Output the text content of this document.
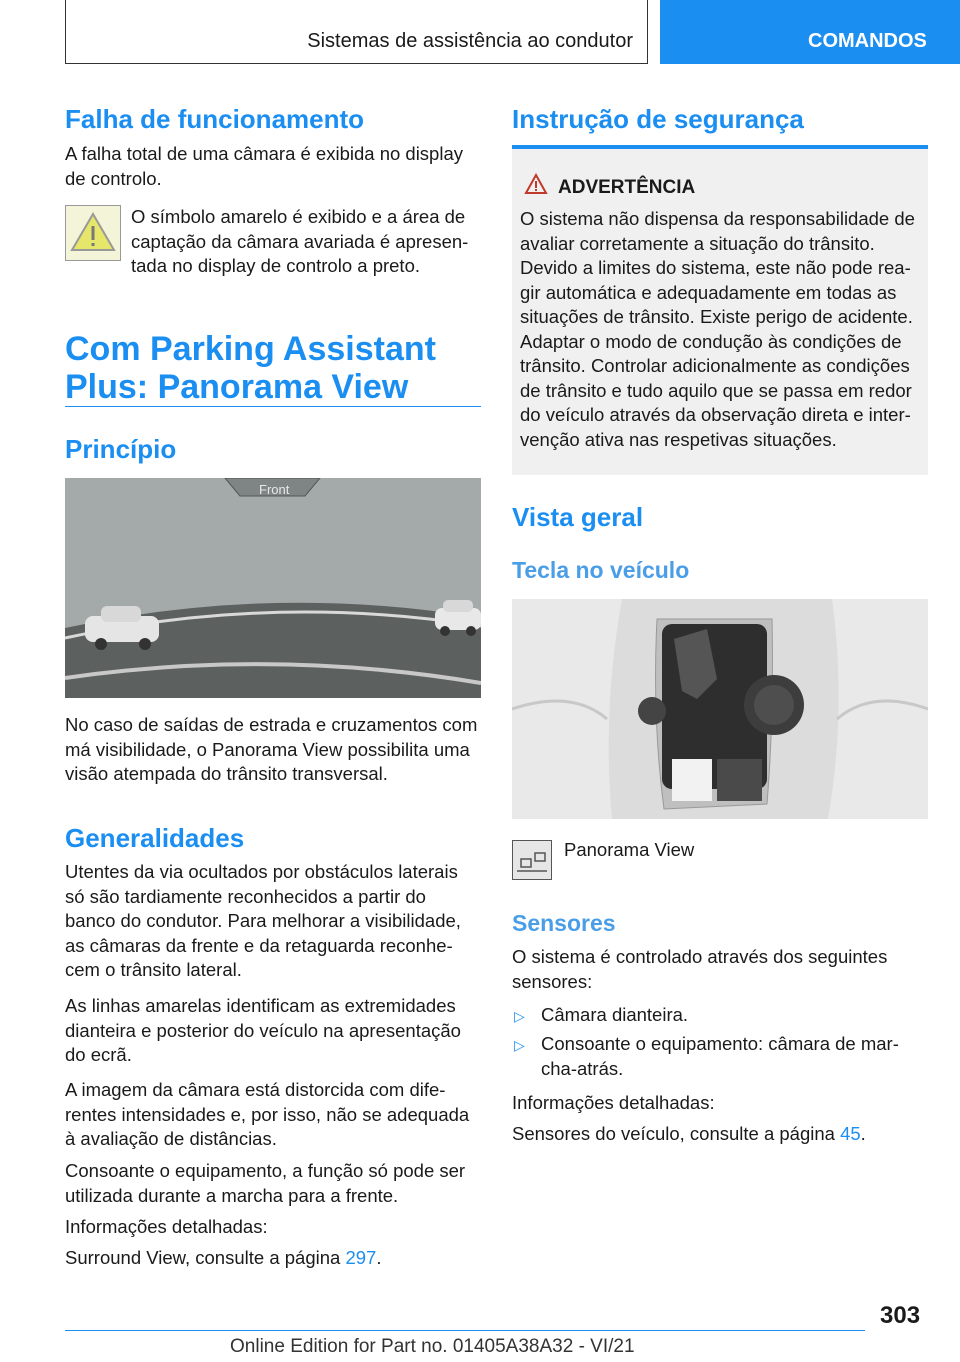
Sistemas de assistência ao condutor	COMANDOS
Falha de funcionamento

A falha total de uma câmara é exibida no display de controlo.

O símbolo amarelo é exibido e a área de captação da câmara avariada é apresen‐tada no display de controlo a preto.

Com Parking Assistant
Plus: Panorama View
Princípio
Front

No caso de saídas de estrada e cruzamentos com má visibilidade, o Panorama View possibilita uma visão atempada do trânsito transversal.

Generalidades

Utentes da via ocultados por obstáculos laterais só são tardiamente reconhecidos a partir do banco do condutor. Para melhorar a visibilidade, as câmaras da frente e da retaguarda reconhe‐cem o trânsito lateral.

As linhas amarelas identificam as extremidades dianteira e posterior do veículo na apresentação do ecrã.

A imagem da câmara está distorcida com dife‐rentes intensidades e, por isso, não se adequada à avaliação de distâncias.

Consoante o equipamento, a função só pode ser utilizada durante a marcha para a frente.

Informações detalhadas:

Surround View, consulte a página 297.

Instrução de segurança
ADVERTÊNCIA
O sistema não dispensa da responsabilidade de avaliar corretamente a situação do trânsito. Devido a limites do sistema, este não pode rea‐gir automática e adequadamente em todas as situações de trânsito. Existe perigo de acidente. Adaptar o modo de condução às condições de trânsito. Controlar adicionalmente as condições de trânsito e tudo aquilo que se passa em redor do veículo através da observação direta e inter‐venção ativa nas respetivas situações.
Vista geral
Tecla no veículo
Panorama View
Sensores

O sistema é controlado através dos seguintes sensores:

▷ Câmara dianteira.

▷ Consoante o equipamento: câmara de mar‐cha-atrás.

Informações detalhadas:

Sensores do veículo, consulte a página 45.

303
Online Edition for Part no. 01405A38A32 - VI/21
